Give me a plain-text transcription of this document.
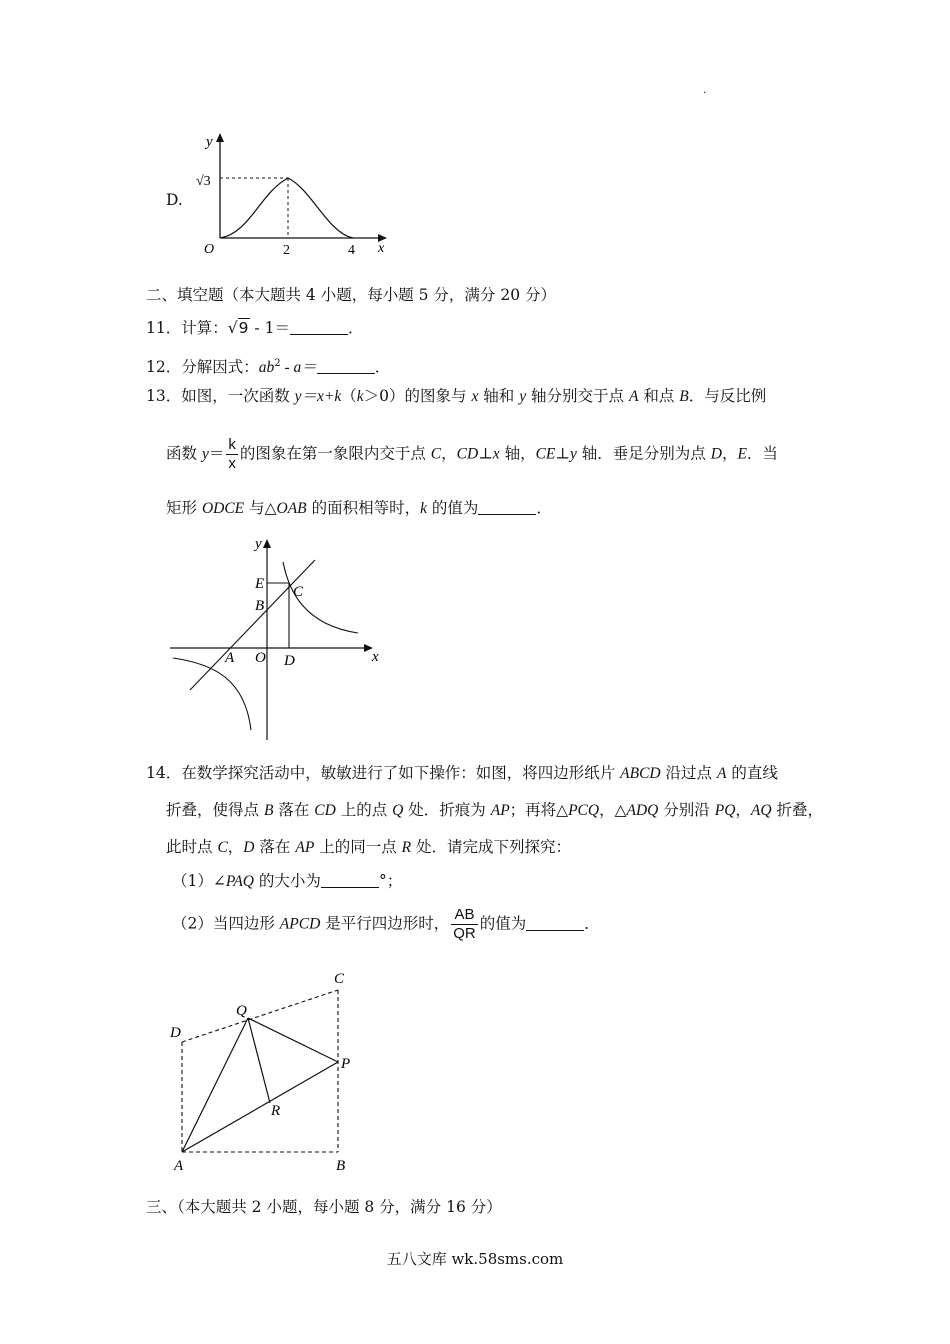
·
D.
y
√3
O	2	4 x
二、填空题（本大题共 4 小题，每小题 5 分，满分 20 分）
11．计算：√9 - 1＝	．
12．分解因式：$ab^2 - a=$	．
13．如图，一次函数 y＝x+k（k＞0）的图象与 x 轴和 y 轴分别交于点 A 和点 B．与反比例
函数 $y= \frac{k}{x}$ 的图象在第一象限内交于点 C，CD⊥x 轴，CE⊥y 轴．垂足分别为点 D，E．当
矩形 ODCE 与△OAB 的面积相等时，k 的值为	．
y
E C
B
A O D	x
14．在数学探究活动中，敏敏进行了如下操作：如图，将四边形纸片 ABCD 沿过点 A 的直线
折叠，使得点 B 落在 CD 上的点 Q 处．折痕为 AP；再将△PCQ，△ADQ 分别沿 PQ，AQ 折叠，
此时点 C，D 落在 AP 上的同一点 R 处．请完成下列探究：
（1）∠PAQ 的大小为	°；
（2）当四边形 APCD 是平行四边形时， $\frac{AB}{QR}$ 的值为	．
C
Q
D
P
R
A	B
三、（本大题共 2 小题，每小题 8 分，满分 16 分）
五八文库 wk.58sms.com
